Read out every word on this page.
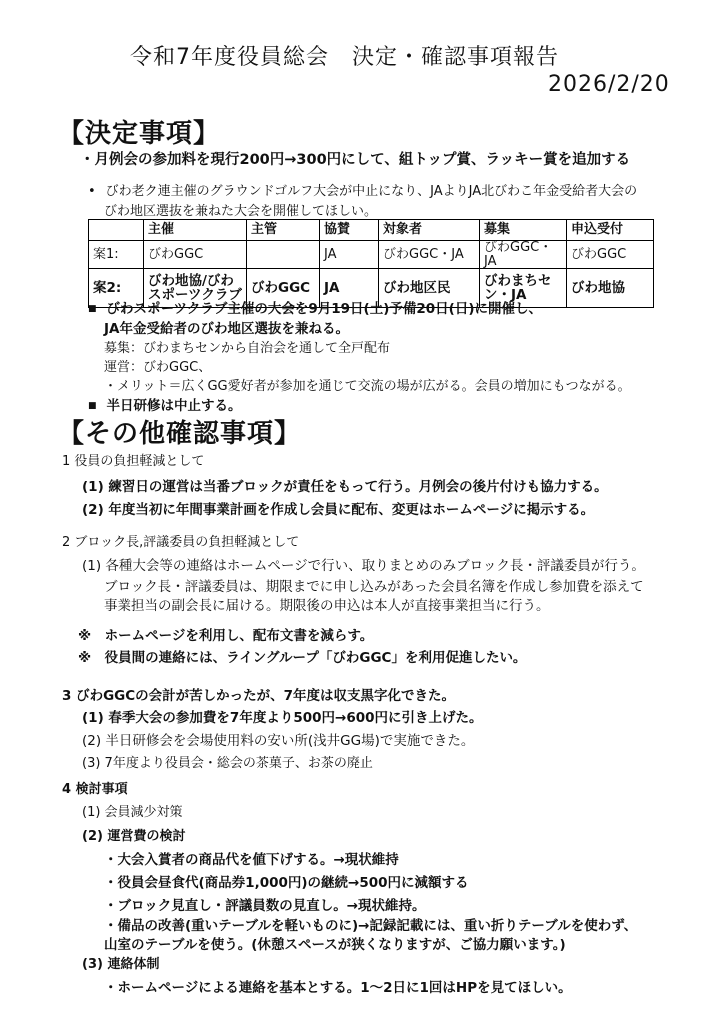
令和7年度役員総会　決定・確認事項報告
2026/2/20
【決定事項】
・月例会の参加料を現行200円→300円にして、組トップ賞、ラッキー賞を追加する
• びわ老ク連主催のグラウンドゴルフ大会が中止になり、JAよりJA北びわこ年金受給者大会の
びわ地区選抜を兼ねた大会を開催してほしい。
	主催	主管	協賛	対象者	募集	申込受付
案1:	びわGGC		JA	びわGGC・JA	びわGGC・JA	びわGGC
案2:	びわ地協/びわスポーツクラブ	びわGGC	JA	びわ地区民	びわまちセン・JA	びわ地協
■ びわスポーツクラブ主催の大会を9月19日(土)予備20日(日)に開催し、
JA年金受給者のびわ地区選抜を兼ねる。
募集：びわまちセンから自治会を通して全戸配布
運営：びわGGC、
・メリット＝広くGG愛好者が参加を通じて交流の場が広がる。会員の増加にもつながる。
■ 半日研修は中止する。
【その他確認事項】
1 役員の負担軽減として
(1) 練習日の運営は当番ブロックが責任をもって行う。月例会の後片付けも協力する。
(2) 年度当初に年間事業計画を作成し会員に配布、変更はホームページに掲示する。
2 ブロック長,評議委員の負担軽減として
(1) 各種大会等の連絡はホームページで行い、取りまとめのみブロック長・評議委員が行う。
ブロック長・評議委員は、期限までに申し込みがあった会員名簿を作成し参加費を添えて
事業担当の副会長に届ける。期限後の申込は本人が直接事業担当に行う。
※　ホームページを利用し、配布文書を減らす。
※　役員間の連絡には、ライングループ「びわGGC」を利用促進したい。
3 びわGGCの会計が苦しかったが、7年度は収支黒字化できた。
(1) 春季大会の参加費を7年度より500円→600円に引き上げた。
(2) 半日研修会を会場使用料の安い所(浅井GG場)で実施できた。
(3) 7年度より役員会・総会の茶菓子、お茶の廃止
4 検討事項
(1) 会員減少対策
(2) 運営費の検討
・大会入賞者の商品代を値下げする。→現状維持
・役員会昼食代(商品券1,000円)の継続→500円に減額する
・ブロック見直し・評議員数の見直し。→現状維持。
・備品の改善(重いテーブルを軽いものに)→記録記載には、重い折りテーブルを使わず、
山室のテーブルを使う。(休憩スペースが狭くなりますが、ご協力願います。)
(3) 連絡体制
・ホームページによる連絡を基本とする。1～2日に1回はHPを見てほしい。
